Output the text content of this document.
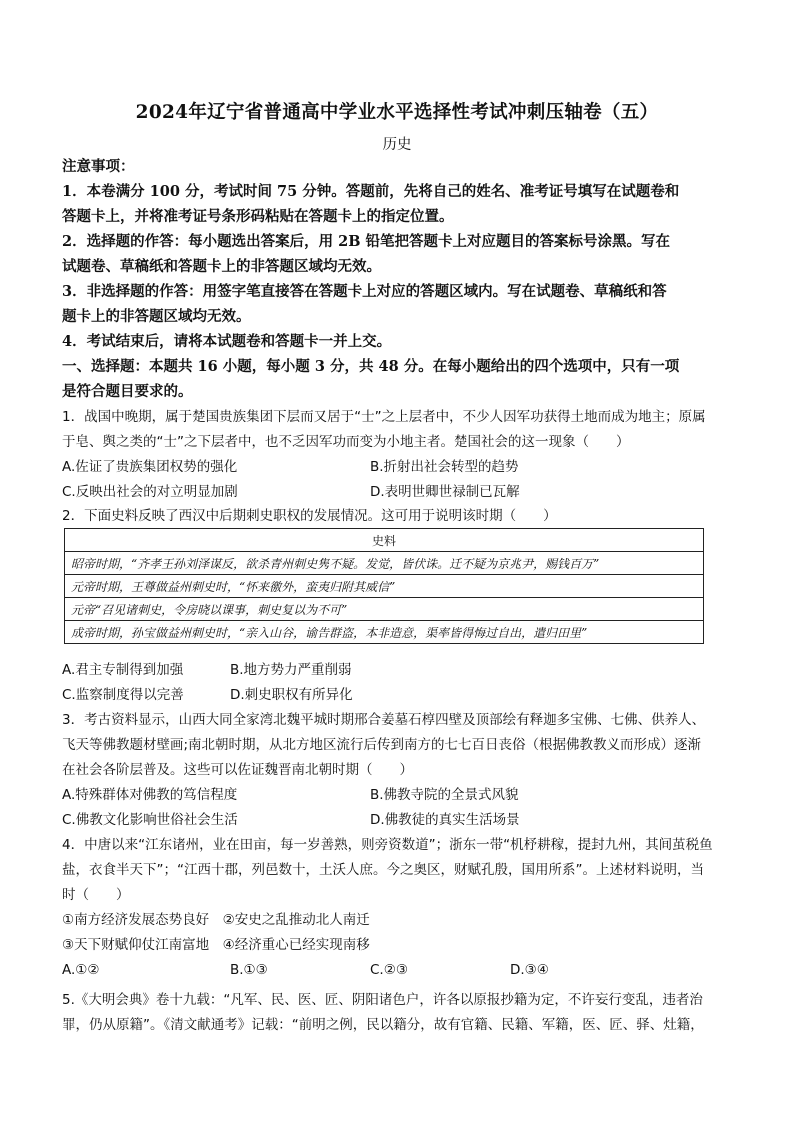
2024年辽宁省普通高中学业水平选择性考试冲刺压轴卷（五）
历史
注意事项：
1．本卷满分 100 分，考试时间 75 分钟。答题前，先将自己的姓名、准考证号填写在试题卷和
答题卡上，并将准考证号条形码粘贴在答题卡上的指定位置。
2．选择题的作答：每小题选出答案后，用 2B 铅笔把答题卡上对应题目的答案标号涂黑。写在
试题卷、草稿纸和答题卡上的非答题区域均无效。
3．非选择题的作答：用签字笔直接答在答题卡上对应的答题区域内。写在试题卷、草稿纸和答
题卡上的非答题区域均无效。
4．考试结束后，请将本试题卷和答题卡一并上交。
一、选择题：本题共 16 小题，每小题 3 分，共 48 分。在每小题给出的四个选项中，只有一项
是符合题目要求的。
1．战国中晚期，属于楚国贵族集团下层而又居于“士”之上层者中，不少人因军功获得土地而成为地主；原属
于皂、舆之类的“士”之下层者中，也不乏因军功而变为小地主者。楚国社会的这一现象（　　）
A.佐证了贵族集团权势的强化	B.折射出社会转型的趋势
C.反映出社会的对立明显加剧	D.表明世卿世禄制已瓦解
2．下面史料反映了西汉中后期刺史职权的发展情况。这可用于说明该时期（　　）
史料
昭帝时期，“齐孝王孙刘泽谋反，欲杀青州刺史隽不疑。发觉，皆伏诛。迁不疑为京兆尹，赐钱百万”
元帝时期，王尊做益州刺史时，“怀来徼外，蛮夷归附其威信”
元帝“召见诸刺史，令房晓以课事，刺史复以为不可”
成帝时期，孙宝做益州刺史时，“亲入山谷，谕告群盗，本非造意，渠率皆得悔过自出，遣归田里”
A.君主专制得到加强	B.地方势力严重削弱
C.监察制度得以完善	D.刺史职权有所异化
3．考古资料显示，山西大同全家湾北魏平城时期邢合姜墓石椁四壁及顶部绘有释迦多宝佛、七佛、供养人、
飞天等佛教题材壁画;南北朝时期，从北方地区流行后传到南方的七七百日丧俗（根据佛教教义而形成）逐渐
在社会各阶层普及。这些可以佐证魏晋南北朝时期（　　）
A.特殊群体对佛教的笃信程度	B.佛教寺院的全景式风貌
C.佛教文化影响世俗社会生活	D.佛教徒的真实生活场景
4．中唐以来“江东诸州，业在田亩，每一岁善熟，则旁资数道”；浙东一带“机杼耕稼，提封九州，其间茧税鱼
盐，衣食半天下”；“江西十郡，列邑数十，土沃人庶。今之奥区，财赋孔殷，国用所系”。上述材料说明，当
时（　　）
①南方经济发展态势良好　②安史之乱推动北人南迁
③天下财赋仰仗江南富地　④经济重心已经实现南移
A.①②	B.①③	C.②③	D.③④
5.《大明会典》卷十九载：“凡军、民、医、匠、阴阳诸色户，许各以原报抄籍为定，不许妄行变乱，违者治
罪，仍从原籍”。《清文献通考》记载：“前明之例，民以籍分，故有官籍、民籍、军籍，医、匠、驿、灶籍，
